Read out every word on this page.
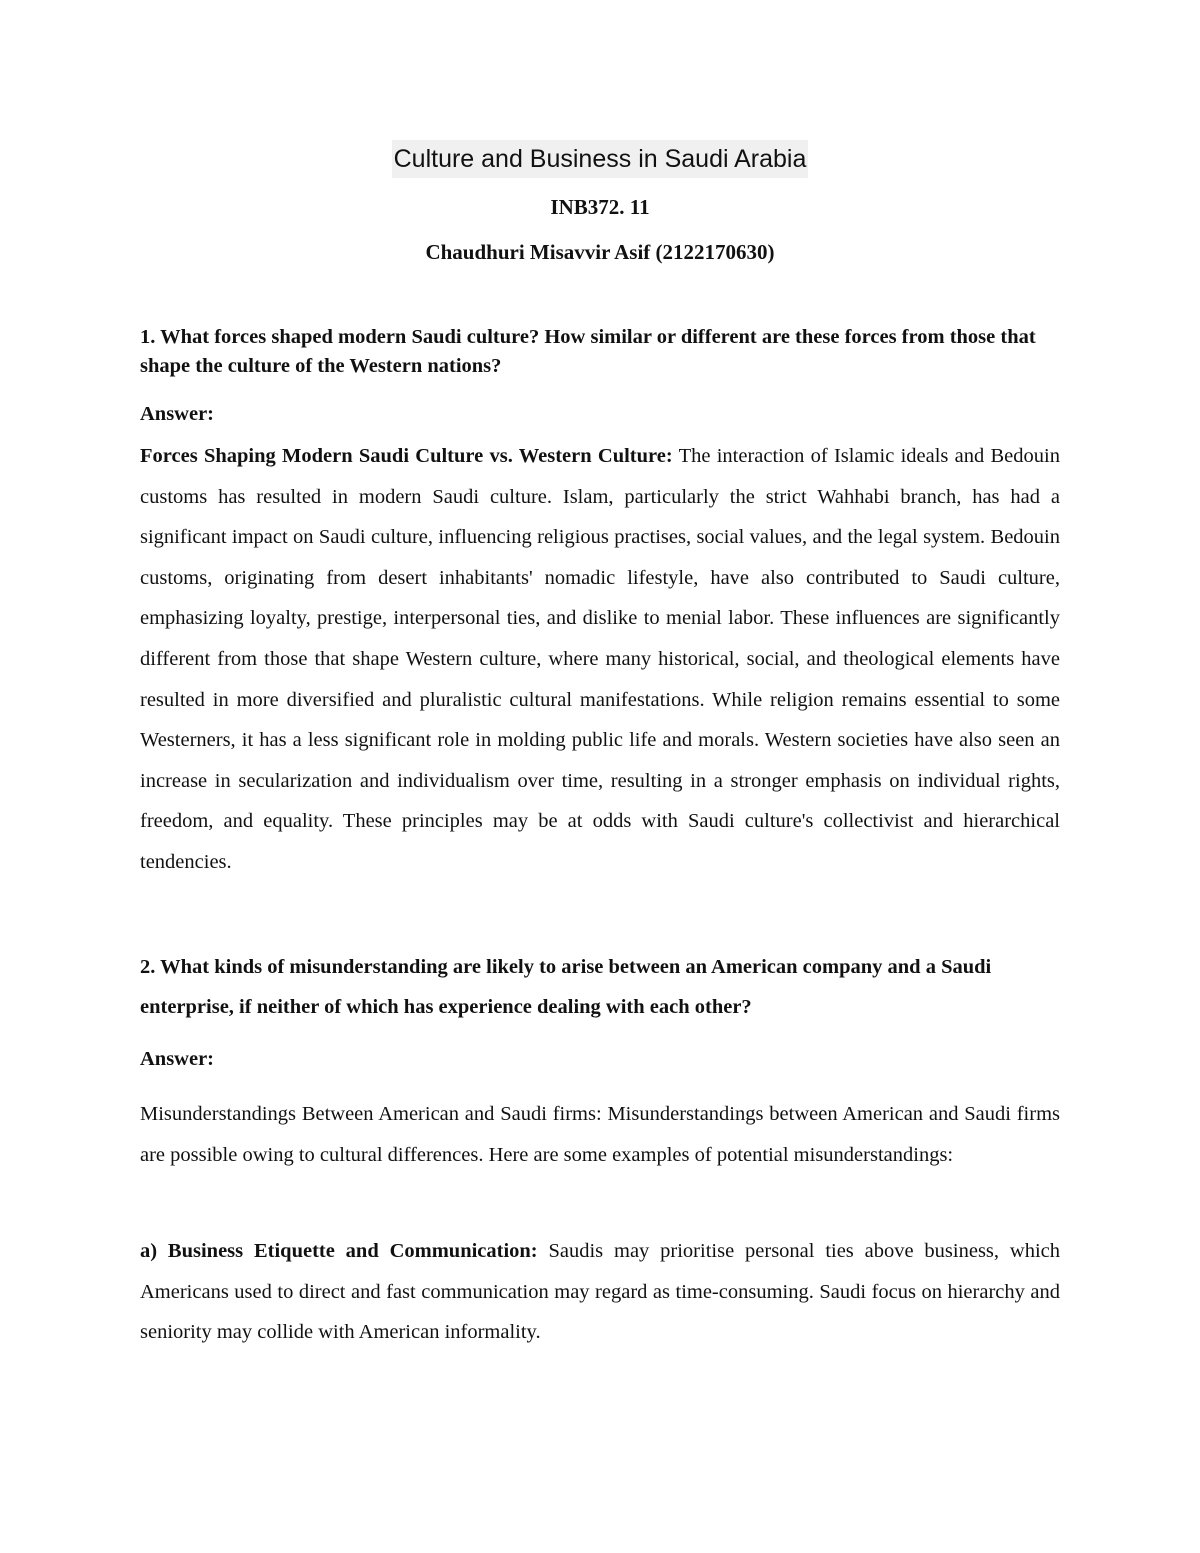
Culture and Business in Saudi Arabia

INB372. 11

Chaudhuri Misavvir Asif (2122170630)

1. What forces shaped modern Saudi culture? How similar or different are these forces from those that shape the culture of the Western nations?

Answer:

Forces Shaping Modern Saudi Culture vs. Western Culture: The interaction of Islamic ideals and Bedouin customs has resulted in modern Saudi culture. Islam, particularly the strict Wahhabi branch, has had a significant impact on Saudi culture, influencing religious practises, social values, and the legal system. Bedouin customs, originating from desert inhabitants' nomadic lifestyle, have also contributed to Saudi culture, emphasizing loyalty, prestige, interpersonal ties, and dislike to menial labor. These influences are significantly different from those that shape Western culture, where many historical, social, and theological elements have resulted in more diversified and pluralistic cultural manifestations. While religion remains essential to some Westerners, it has a less significant role in molding public life and morals. Western societies have also seen an increase in secularization and individualism over time, resulting in a stronger emphasis on individual rights, freedom, and equality. These principles may be at odds with Saudi culture's collectivist and hierarchical tendencies.

2. What kinds of misunderstanding are likely to arise between an American company and a Saudi enterprise, if neither of which has experience dealing with each other?

Answer:

Misunderstandings Between American and Saudi firms: Misunderstandings between American and Saudi firms are possible owing to cultural differences. Here are some examples of potential misunderstandings:

a) Business Etiquette and Communication: Saudis may prioritise personal ties above business, which Americans used to direct and fast communication may regard as time-consuming. Saudi focus on hierarchy and seniority may collide with American informality.
